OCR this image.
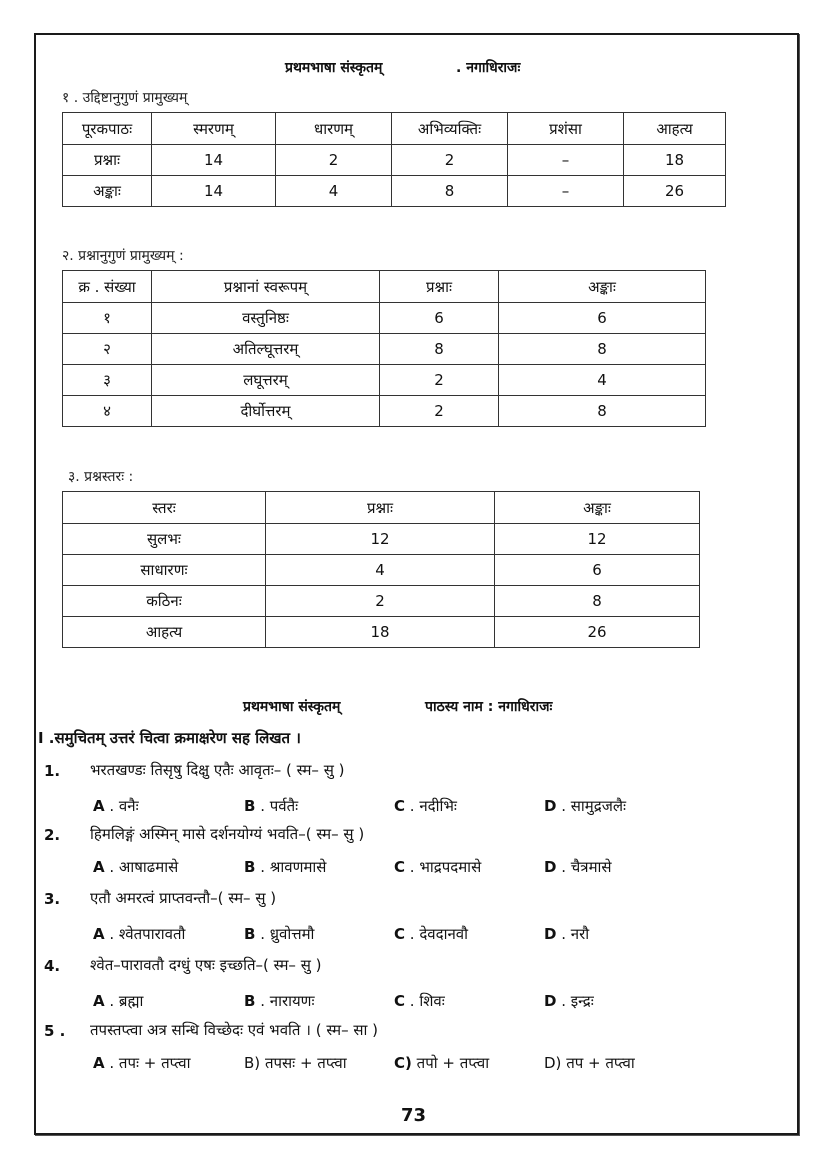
प्रथमभाषा संस्कृतम्	. नगाधिराजः
१ . उद्दिष्टानुगुणं प्रामुख्यम्
पूरकपाठः	स्मरणम्	धारणम्	अभिव्यक्तिः	प्रशंसा	आहत्य
प्रश्नाः	14	2	2	–	18
अङ्काः	14	4	8	–	26
२. प्रश्नानुगुणं प्रामुख्यम् :
क्र . संख्या	प्रश्नानां स्वरूपम्	प्रश्नाः	अङ्काः
१	वस्तुनिष्ठः	6	6
२	अतिल्घूत्तरम्	8	8
३	लघूत्तरम्	2	4
४	दीर्घोत्तरम्	2	8
३. प्रश्नस्तरः :
स्तरः	प्रश्नाः	अङ्काः
सुलभः	12	12
साधारणः	4	6
कठिनः	2	8
आहत्य	18	26
प्रथमभाषा संस्कृतम्	पाठस्य नाम : नगाधिराजः
I .समुचितम् उत्तरं चित्वा क्रमाक्षरेण सह लिखत ।
1. भरतखण्डः तिसृषु दिक्षु एतैः आवृतः– ( स्म– सु )
A . वनैः	B . पर्वतैः	C . नदीभिः	D . सामुद्रजलैः
2. हिमलिङ्गं अस्मिन् मासे दर्शनयोग्यं भवति–( स्म– सु )
A . आषाढमासे	B . श्रावणमासे	C . भाद्रपदमासे	D . चैत्रमासे
3. एतौ अमरत्वं प्राप्तवन्तौ–( स्म– सु )
A . श्वेतपारावतौ	B . ध्रुवोत्तमौ	C . देवदानवौ	D . नरौ
4. श्वेत–पारावतौ दग्धुं एषः इच्छति–( स्म– सु )
A . ब्रह्मा	B . नारायणः	C . शिवः	D . इन्द्रः
5 . तपस्तप्त्वा अत्र सन्धि विच्छेदः एवं भवति । ( स्म– सा )
A . तपः + तप्त्वा	B) तपसः + तप्त्वा	C) तपो + तप्त्वा	D) तप + तप्त्वा
73
